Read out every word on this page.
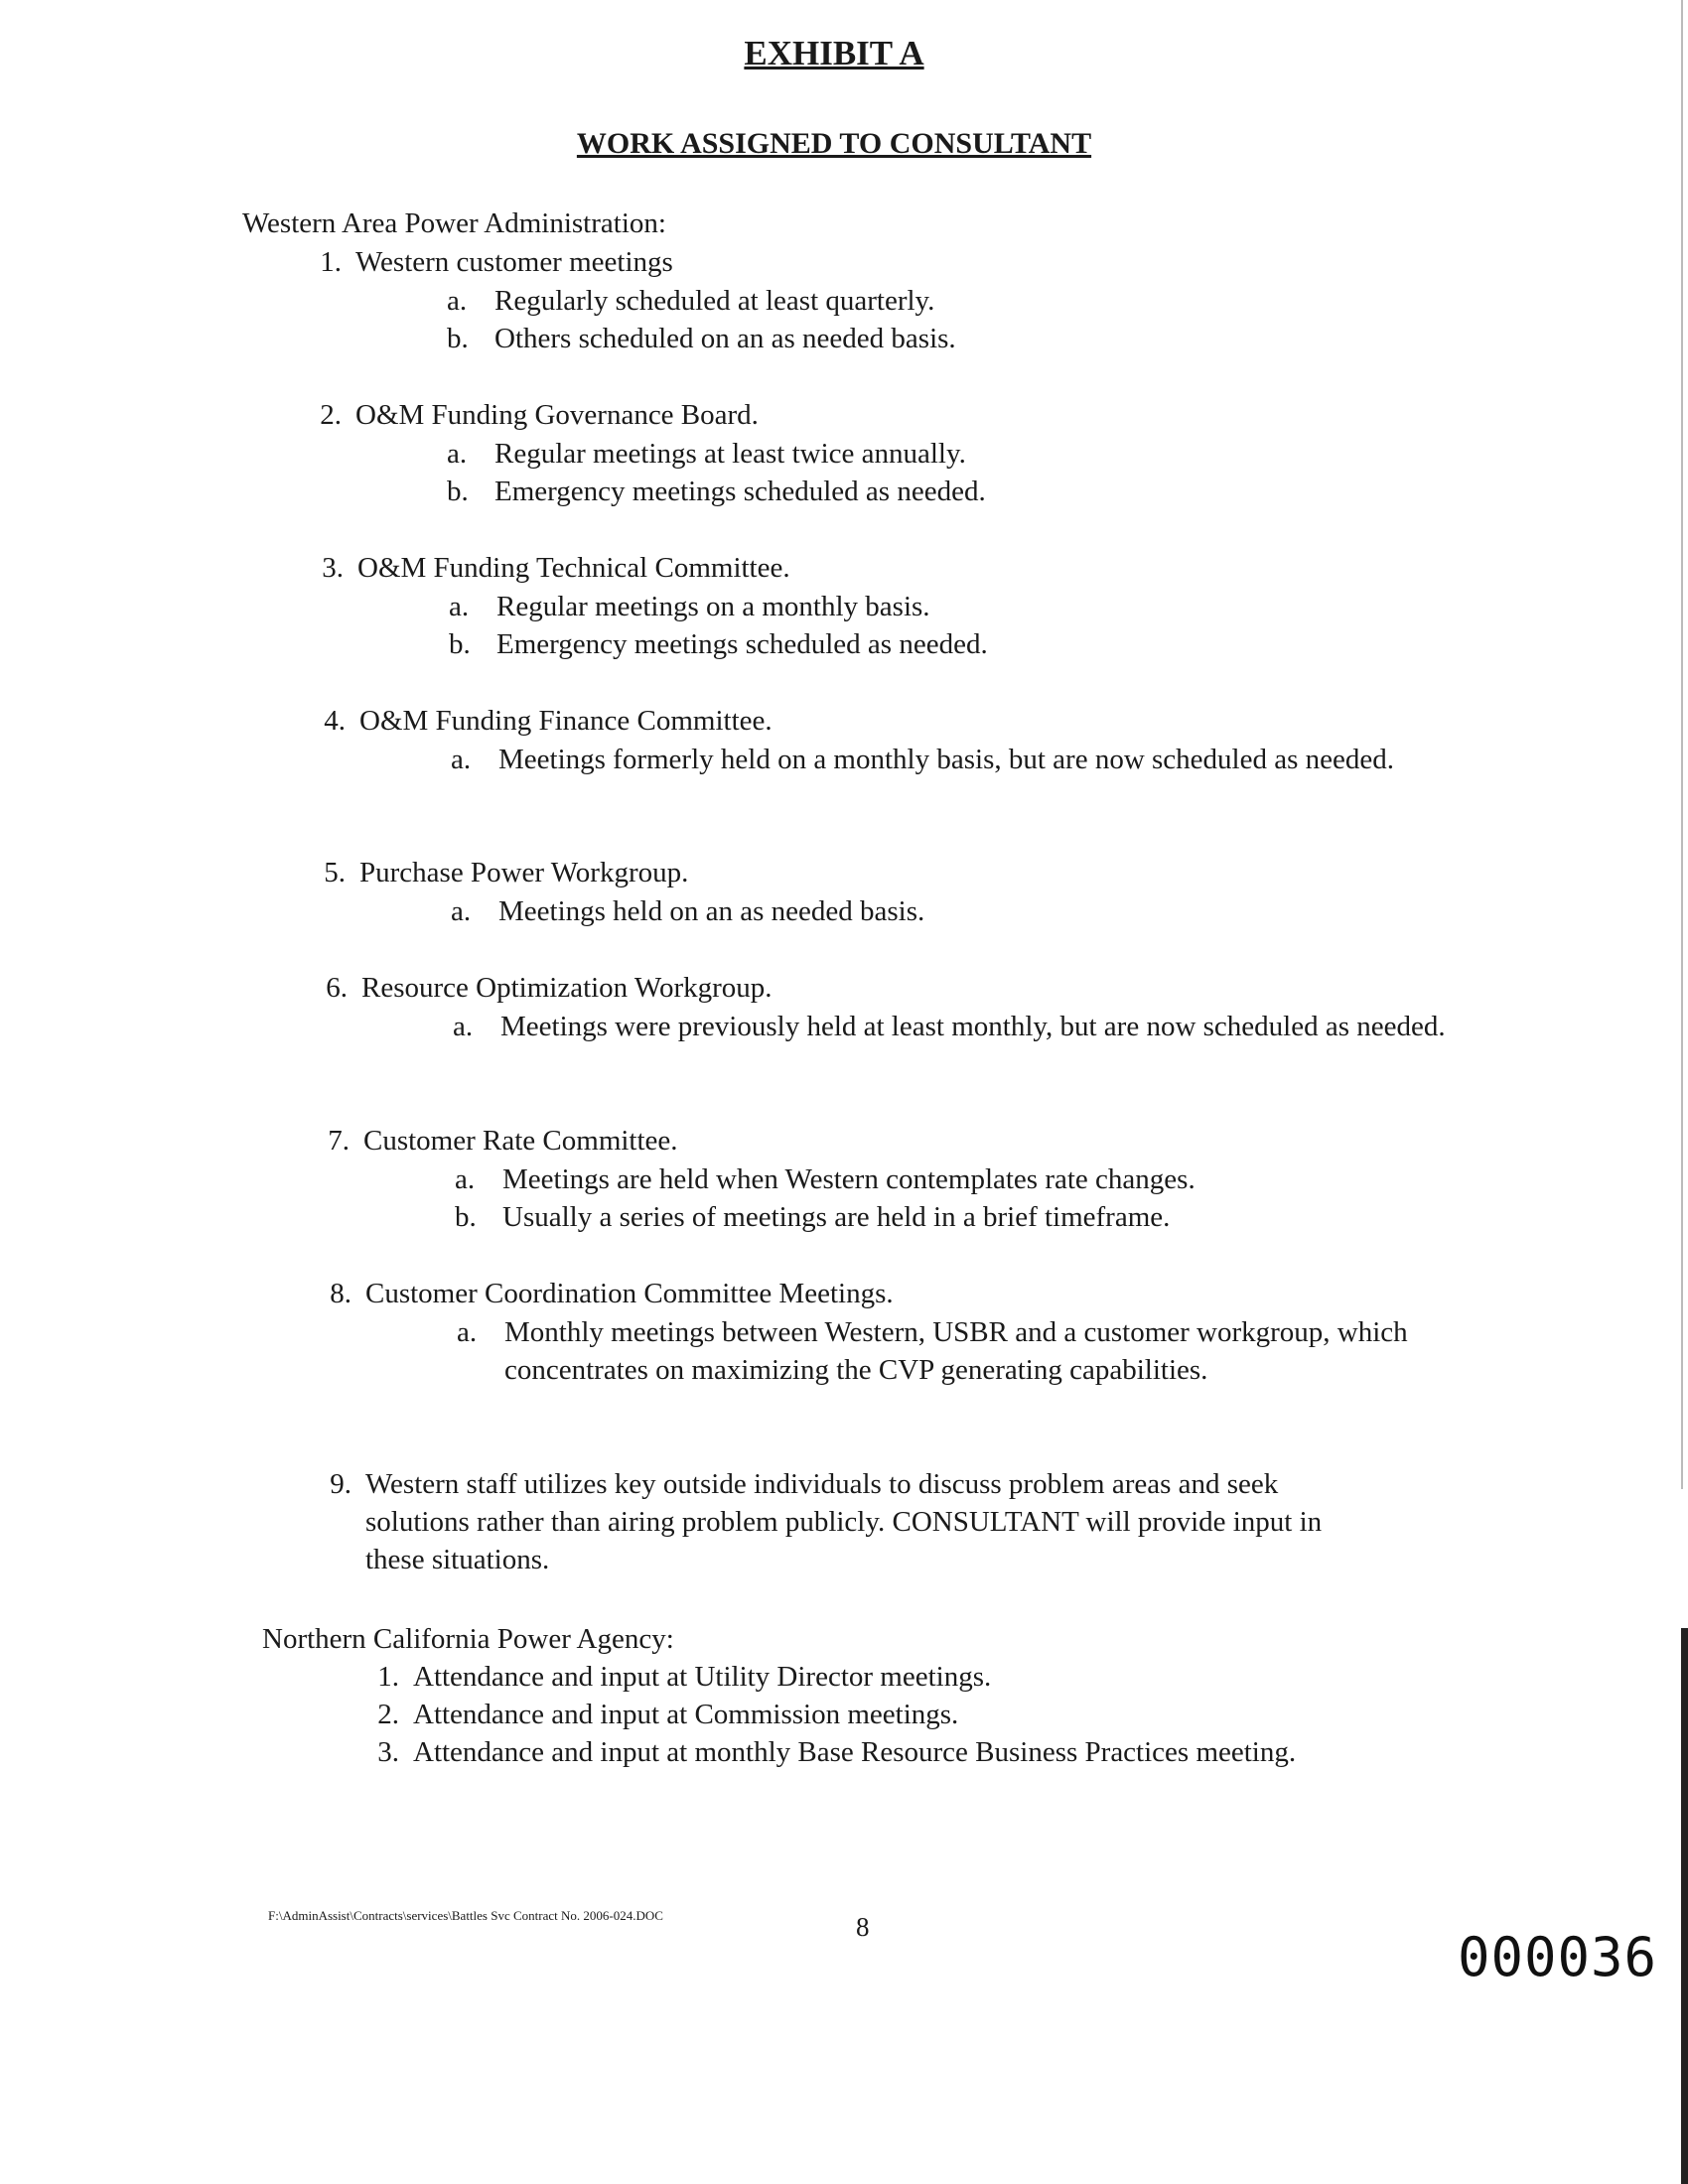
EXHIBIT A
WORK ASSIGNED TO CONSULTANT

Western Area Power Administration:

1. Western customer meetings

a. Regularly scheduled at least quarterly.

b. Others scheduled on an as needed basis.

2. O&M Funding Governance Board.

a. Regular meetings at least twice annually.

b. Emergency meetings scheduled as needed.

3. O&M Funding Technical Committee.

a. Regular meetings on a monthly basis.

b. Emergency meetings scheduled as needed.

4. O&M Funding Finance Committee.

a. Meetings formerly held on a monthly basis, but are now scheduled as needed.

5. Purchase Power Workgroup.

a. Meetings held on an as needed basis.

6. Resource Optimization Workgroup.

a. Meetings were previously held at least monthly, but are now scheduled as needed.

7. Customer Rate Committee.

a. Meetings are held when Western contemplates rate changes.

b. Usually a series of meetings are held in a brief timeframe.

8. Customer Coordination Committee Meetings.

a. Monthly meetings between Western, USBR and a customer workgroup, which concentrates on maximizing the CVP generating capabilities.

9. Western staff utilizes key outside individuals to discuss problem areas and seek solutions rather than airing problem publicly. CONSULTANT will provide input in these situations.

Northern California Power Agency:

1. Attendance and input at Utility Director meetings.

2. Attendance and input at Commission meetings.

3. Attendance and input at monthly Base Resource Business Practices meeting.

F:\AdminAssist\Contracts\services\Battles Svc Contract No. 2006-024.DOC	8	000036
